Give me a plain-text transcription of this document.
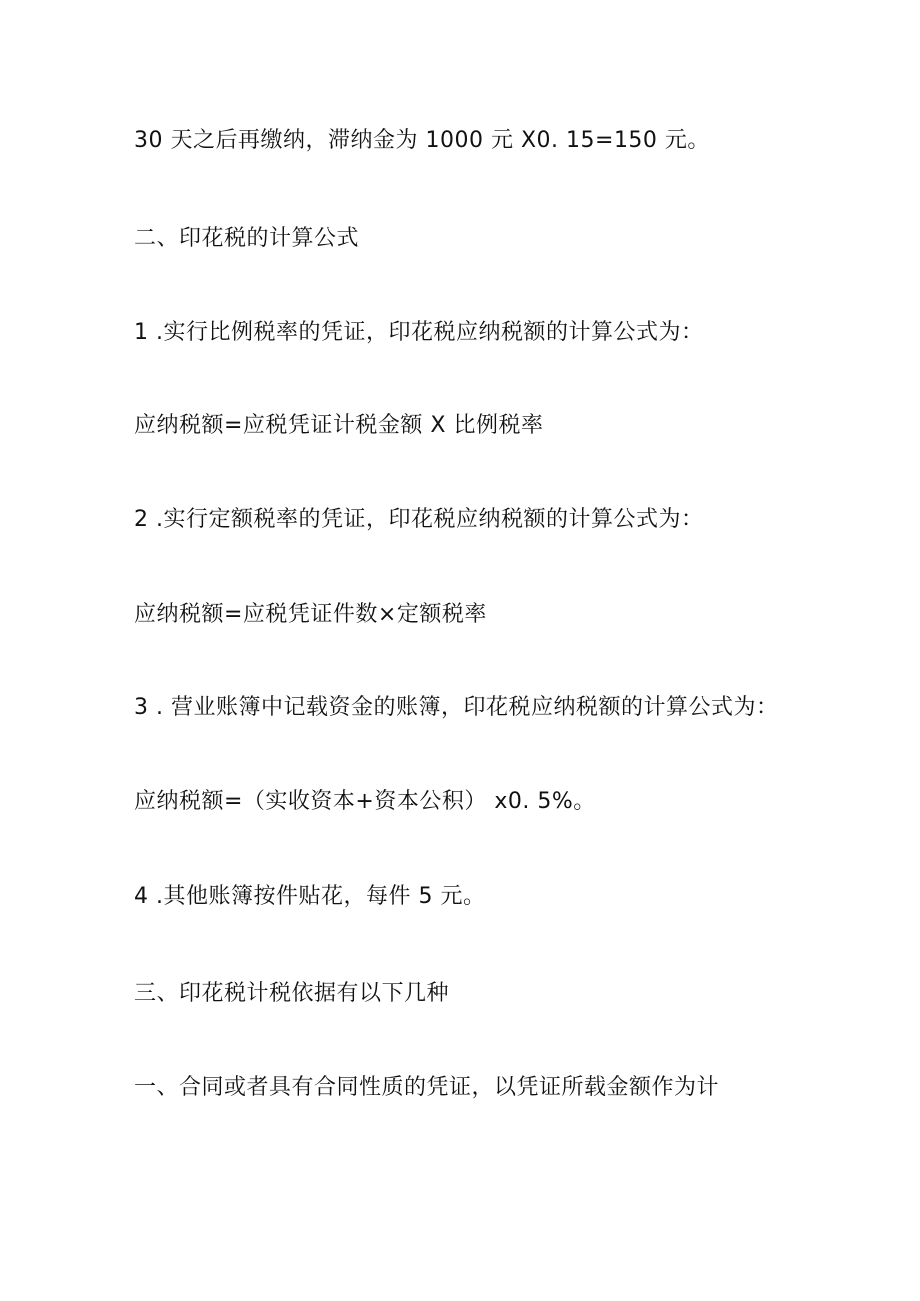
30 天之后再缴纳，滞纳金为 1000 元 X0. 15=150 元。
二、印花税的计算公式
1 .实行比例税率的凭证，印花税应纳税额的计算公式为：
应纳税额=应税凭证计税金额 X 比例税率
2 .实行定额税率的凭证，印花税应纳税额的计算公式为：
应纳税额=应税凭证件数×定额税率
3 . 营业账簿中记载资金的账簿，印花税应纳税额的计算公式为：
应纳税额=（实收资本+资本公积） x0. 5%。
4 .其他账簿按件贴花，每件 5 元。
三、印花税计税依据有以下几种
一、合同或者具有合同性质的凭证，以凭证所载金额作为计
